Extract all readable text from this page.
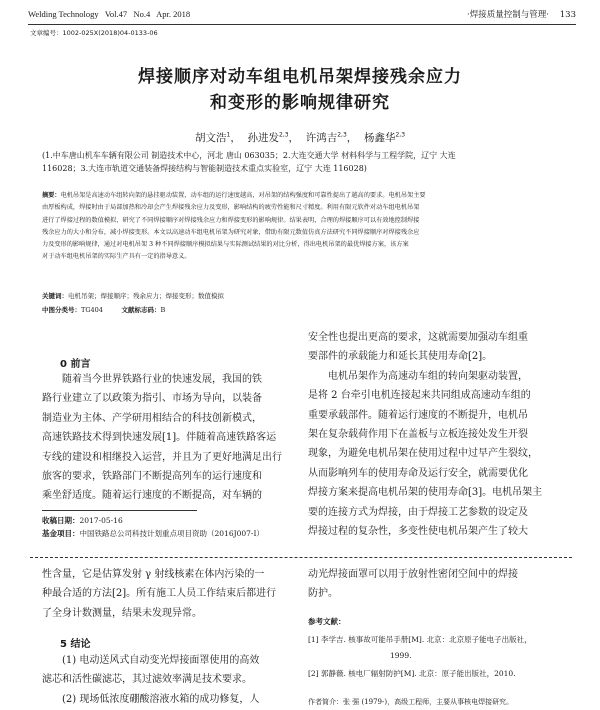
Welding Technology Vol.47 No.4 Apr. 2018	·焊接质量控制与管理· 133
文章编号：1002-025X(2018)04-0133-06
焊接顺序对动车组电机吊架焊接残余应力
和变形的影响规律研究
胡文浩$^1$，  孙进发$^{2,3}$，  许鸿吉$^{2,3}$，  杨鑫华$^{2,3}$
(1.中车唐山机车车辆有限公司 制造技术中心，河北 唐山 063035；2.大连交通大学 材料科学与工程学院，辽宁 大连
116028；3.大连市轨道交通装备焊接结构与智能制造技术重点实验室，辽宁 大连 116028)
摘要：电机吊架是高速动车组转向架的悬挂驱动装置，动车组的运行速度越高，对吊架的结构强度和可靠性提出了越高的要求。电机吊架主要
由厚板构成，焊接时由于局部加热和冷却会产生焊接残余应力及变形，影响结构的疲劳性能和尺寸精度。利用有限元软件对动车组电机吊架
进行了焊接过程的数值模拟，研究了不同焊接顺序对焊接残余应力和焊接变形的影响规律。结果表明，合理的焊接顺序可以有效地控制焊接
残余应力的大小和分布，减小焊接变形。本文以高速动车组电机吊架为研究对象，借助有限元数值仿真方法研究不同焊接顺序对焊接残余应
力及变形的影响规律，通过对电机吊架 3 种不同焊接顺序模拟结果与实际测试结果的对比分析，得出电机吊架的最优焊接方案，该方案
对于动车组电机吊架的实际生产具有一定的指导意义。
关键词：电机吊架；焊接顺序；残余应力；焊接变形；数值模拟
中图分类号：TG404	文献标志码：B
0 前言
随着当今世界铁路行业的快速发展，我国的铁
路行业建立了以政策为指引、市场为导向，以装备
制造业为主体、产学研用相结合的科技创新模式，
高速铁路技术得到快速发展[1]。伴随着高速铁路客运
专线的建设和相继投入运营，并且为了更好地满足出行
旅客的要求，铁路部门不断提高列车的运行速度和
乘坐舒适度。随着运行速度的不断提高，对车辆的
收稿日期：2017-05-16
基金项目：中国铁路总公司科技计划重点项目资助（2016J007-I）
安全性也提出更高的要求，这就需要加强动车组重
要部件的承载能力和延长其使用寿命[2]。
电机吊架作为高速动车组的转向架驱动装置，
是将 2 台牵引电机连接起来共同组成高速动车组的
重要承载部件。随着运行速度的不断提升，电机吊
架在复杂载荷作用下在盖板与立板连接处发生开裂
现象，为避免电机吊架在使用过程中过早产生裂纹，
从而影响列车的使用寿命及运行安全，就需要优化
焊接方案来提高电机吊架的使用寿命[3]。电机吊架主
要的连接方式为焊接，由于焊接工艺参数的设定及
焊接过程的复杂性，多变性使电机吊架产生了较大
性含量，它是估算发射 γ 射线核素在体内污染的一
种最合适的方法[2]。所有施工人员工作结束后都进行
了全身计数测量，结果未发现异常。
5 结论
(1) 电动送风式自动变光焊接面罩使用的高效
滤芯和活性碳滤芯，其过滤效率满足技术要求。
(2) 现场低浓度硼酸溶液水箱的成功修复，人
动光焊接面罩可以用于放射性密闭空间中的焊接
防护。
参考文献：
[1] 李学吉. 核事故可能吊手册[M]. 北京：北京原子能电子出版社，
1999.
[2] 郭静薇. 核电厂辐射防护[M]. 北京：原子能出版社，2010.
作者简介：张 强 (1979-)，高级工程师，主要从事核电焊接研究。
